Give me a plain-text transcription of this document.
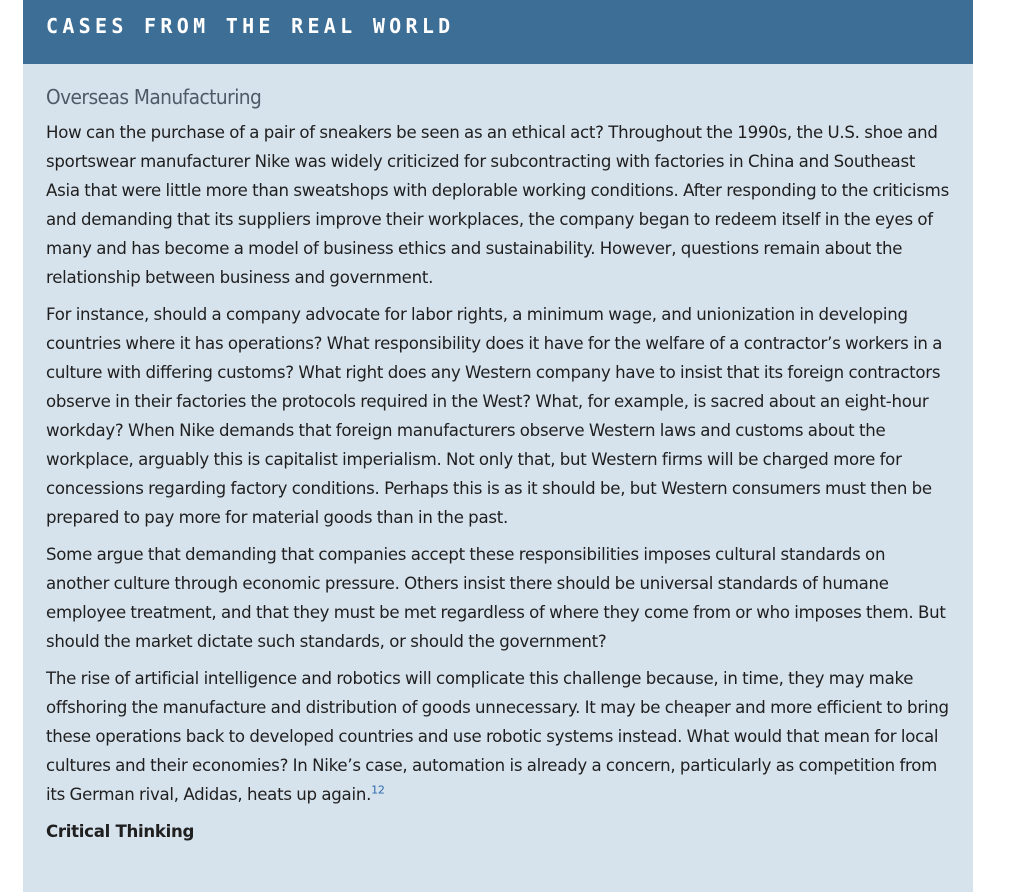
CASES FROM THE REAL WORLD
Overseas Manufacturing

How can the purchase of a pair of sneakers be seen as an ethical act? Throughout the 1990s, the U.S. shoe and sportswear manufacturer Nike was widely criticized for subcontracting with factories in China and Southeast Asia that were little more than sweatshops with deplorable working conditions. After responding to the criticisms and demanding that its suppliers improve their workplaces, the company began to redeem itself in the eyes of many and has become a model of business ethics and sustainability. However, questions remain about the relationship between business and government.

For instance, should a company advocate for labor rights, a minimum wage, and unionization in developing countries where it has operations? What responsibility does it have for the welfare of a contractor’s workers in a culture with differing customs? What right does any Western company have to insist that its foreign contractors observe in their factories the protocols required in the West? What, for example, is sacred about an eight-hour workday? When Nike demands that foreign manufacturers observe Western laws and customs about the workplace, arguably this is capitalist imperialism. Not only that, but Western firms will be charged more for concessions regarding factory conditions. Perhaps this is as it should be, but Western consumers must then be prepared to pay more for material goods than in the past.

Some argue that demanding that companies accept these responsibilities imposes cultural standards on another culture through economic pressure. Others insist there should be universal standards of humane employee treatment, and that they must be met regardless of where they come from or who imposes them. But should the market dictate such standards, or should the government?

The rise of artificial intelligence and robotics will complicate this challenge because, in time, they may make offshoring the manufacture and distribution of goods unnecessary. It may be cheaper and more efficient to bring these operations back to developed countries and use robotic systems instead. What would that mean for local cultures and their economies? In Nike’s case, automation is already a concern, particularly as competition from its German rival, Adidas, heats up again.$^{12}$

Critical Thinking
